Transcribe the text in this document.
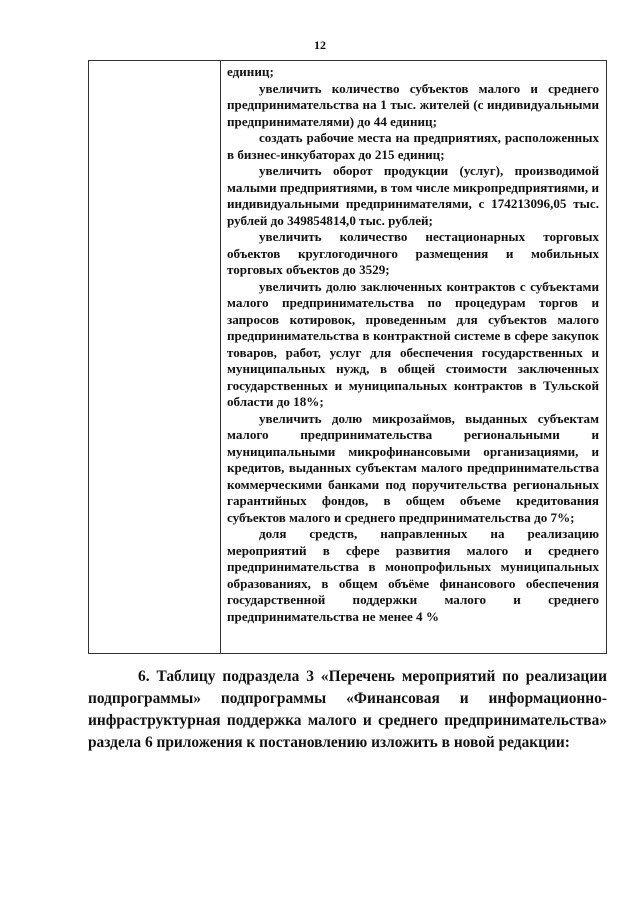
12
единиц;
увеличить количество субъектов малого и среднего предпринимательства на 1 тыс. жителей (с индивидуальными предпринимателями) до 44 единиц;
создать рабочие места на предприятиях, расположенных в бизнес-инкубаторах до 215 единиц;
увеличить оборот продукции (услуг), производимой малыми предприятиями, в том числе микропредприятиями, и индивидуальными предпринимателями, с 174213096,05 тыс. рублей до 349854814,0 тыс. рублей;
увеличить количество нестационарных торговых объектов круглогодичного размещения и мобильных торговых объектов до 3529;
увеличить долю заключенных контрактов с субъектами малого предпринимательства по процедурам торгов и запросов котировок, проведенным для субъектов малого предпринимательства в контрактной системе в сфере закупок товаров, работ, услуг для обеспечения государственных и муниципальных нужд, в общей стоимости заключенных государственных и муниципальных контрактов в Тульской области до 18%;
увеличить долю микрозаймов, выданных субъектам малого предпринимательства региональными и муниципальными микрофинансовыми организациями, и кредитов, выданных субъектам малого предпринимательства коммерческими банками под поручительства региональных гарантийных фондов, в общем объеме кредитования субъектов малого и среднего предпринимательства до 7%;
доля средств, направленных на реализацию мероприятий в сфере развития малого и среднего предпринимательства в монопрофильных муниципальных образованиях, в общем объёме финансового обеспечения государственной поддержки малого и среднего предпринимательства не менее 4 %
6. Таблицу подраздела 3 «Перечень мероприятий по реализации подпрограммы» подпрограммы «Финансовая и информационно-инфраструктурная поддержка малого и среднего предпринимательства» раздела 6 приложения к постановлению изложить в новой редакции:
